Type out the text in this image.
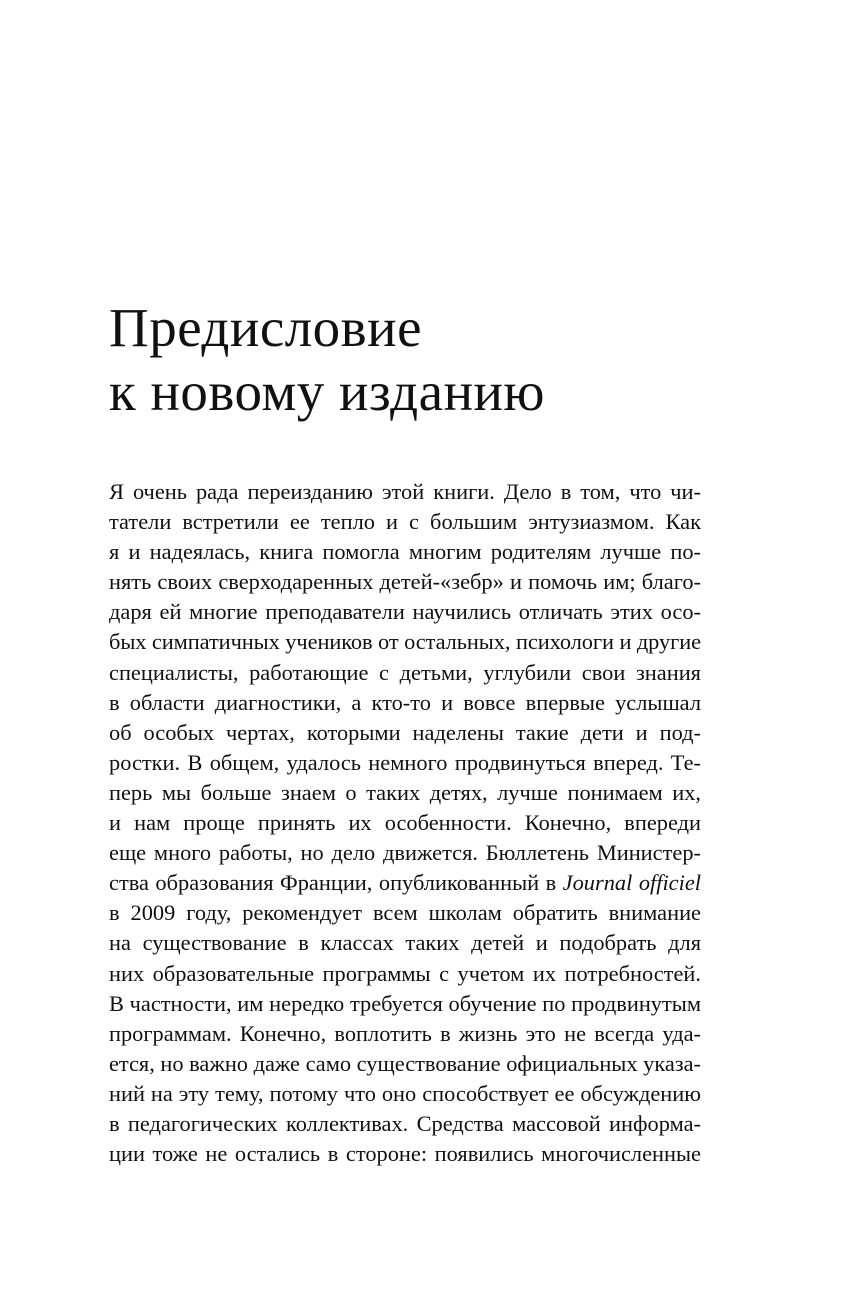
Предисловие
к новому изданию
Я очень рада переизданию этой книги. Дело в том, что чи-
татели встретили ее тепло и с большим энтузиазмом. Как
я и надеялась, книга помогла многим родителям лучше по-
нять своих сверходаренных детей-«зебр» и помочь им; благо-
даря ей многие преподаватели научились отличать этих осо-
бых симпатичных учеников от остальных, психологи и другие
специалисты, работающие с детьми, углубили свои знания
в области диагностики, а кто-то и вовсе впервые услышал
об особых чертах, которыми наделены такие дети и под-
ростки. В общем, удалось немного продвинуться вперед. Те-
перь мы больше знаем о таких детях, лучше понимаем их,
и нам проще принять их особенности. Конечно, впереди
еще много работы, но дело движется. Бюллетень Министер-
ства образования Франции, опубликованный в Journal officiel
в 2009 году, рекомендует всем школам обратить внимание
на существование в классах таких детей и подобрать для
них образовательные программы с учетом их потребностей.
В частности, им нередко требуется обучение по продвинутым
программам. Конечно, воплотить в жизнь это не всегда уда-
ется, но важно даже само существование официальных указа-
ний на эту тему, потому что оно способствует ее обсуждению
в педагогических коллективах. Средства массовой информа-
ции тоже не остались в стороне: появились многочисленные
